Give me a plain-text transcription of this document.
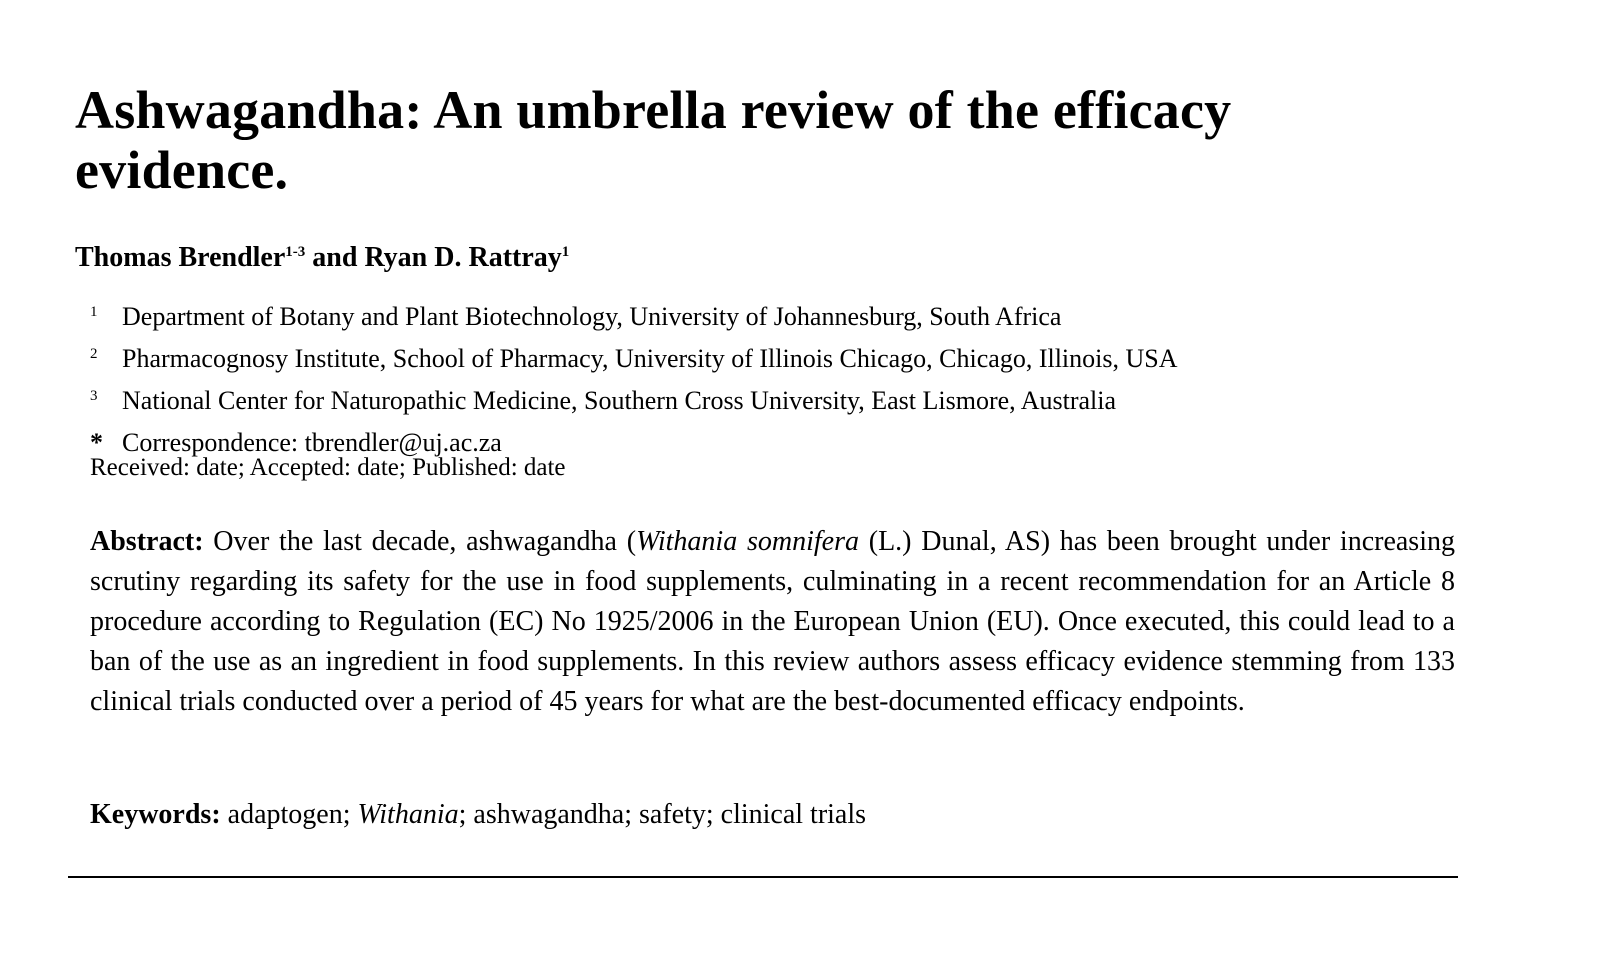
Ashwagandha: An umbrella review of the efficacy
evidence.

Thomas Brendler$^{1-3}$ and Ryan D. Rattray$^1$

1 Department of Botany and Plant Biotechnology, University of Johannesburg, South Africa
2 Pharmacognosy Institute, School of Pharmacy, University of Illinois Chicago, Chicago, Illinois, USA
3 National Center for Naturopathic Medicine, Southern Cross University, East Lismore, Australia
* Correspondence: tbrendler@uj.ac.za

Received: date; Accepted: date; Published: date

Abstract: Over the last decade, ashwagandha (Withania somnifera (L.) Dunal, AS) has been brought under increasing scrutiny regarding its safety for the use in food supplements, culminating in a recent recommendation for an Article 8 procedure according to Regulation (EC) No 1925/2006 in the European Union (EU). Once executed, this could lead to a ban of the use as an ingredient in food supplements. In this review authors assess efficacy evidence stemming from 133 clinical trials conducted over a period of 45 years for what are the best-documented efficacy endpoints.

Keywords: adaptogen; Withania; ashwagandha; safety; clinical trials
